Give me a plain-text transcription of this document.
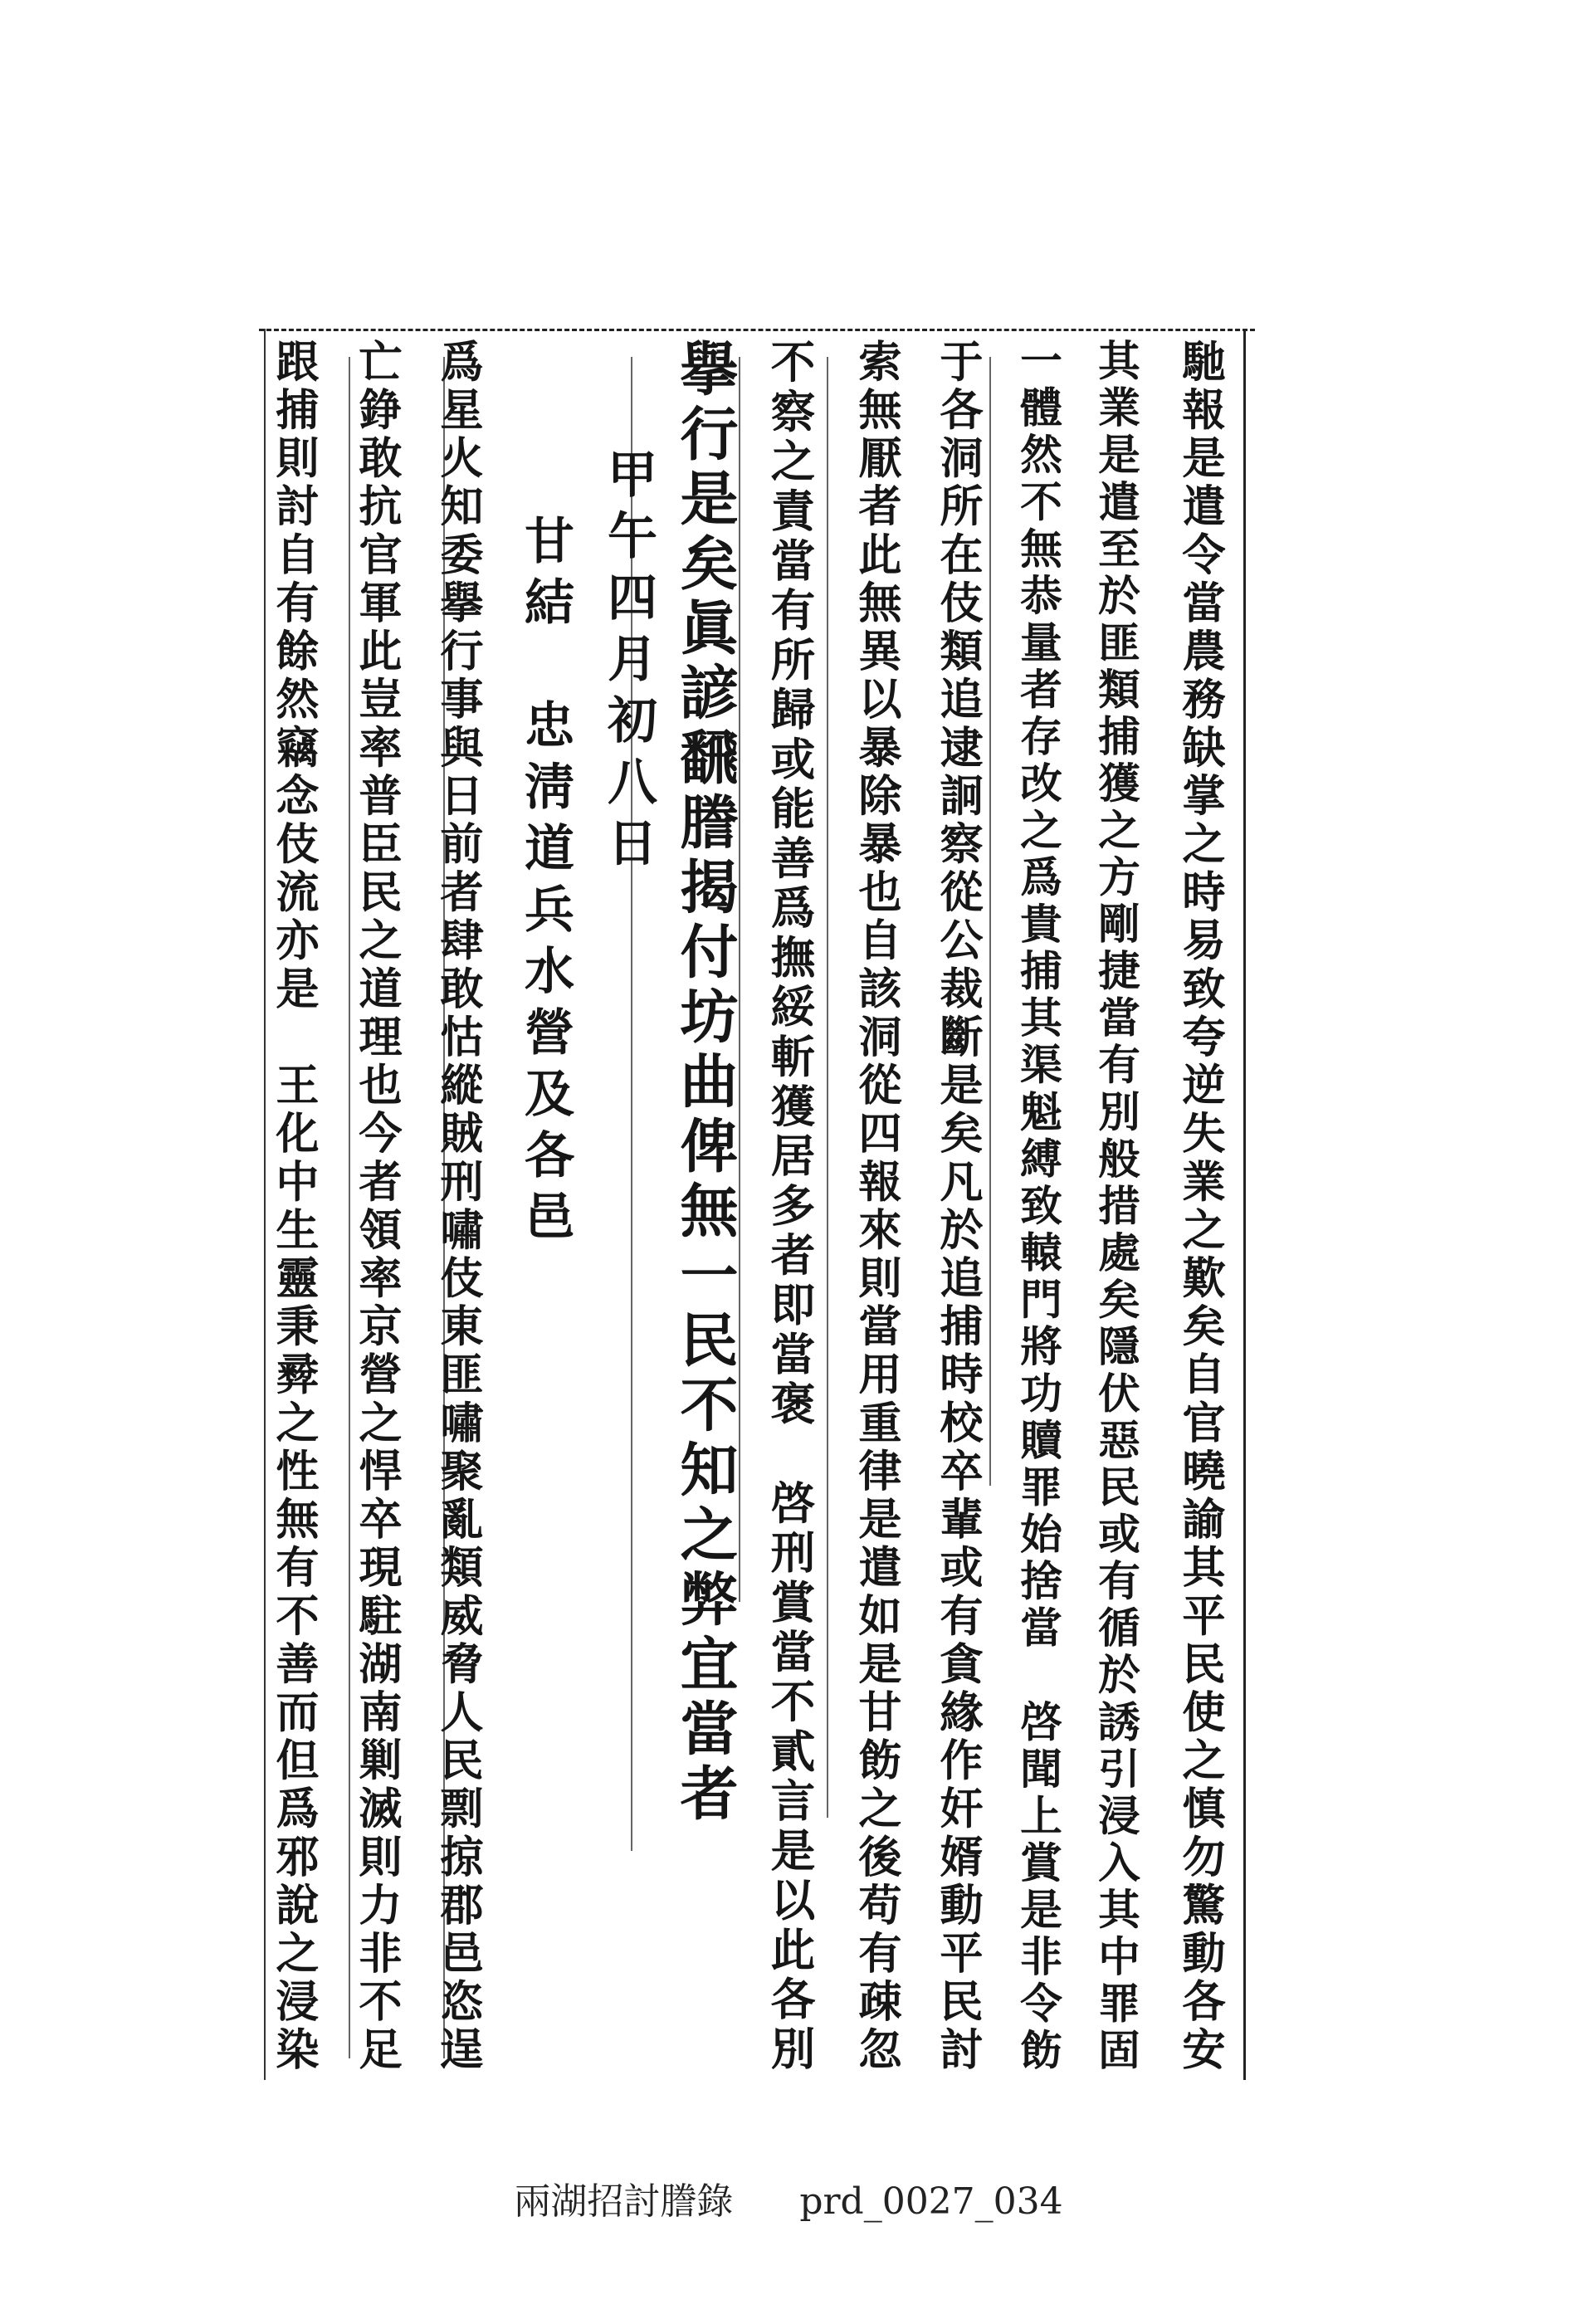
馳報是遣令當農務缺掌之時易致夸逆失業之歎矣自官曉諭其平民使之慎勿驚動各安
其業是遣至於匪類捕獲之方剛捷當有別般措處矣隱伏惡民或有循於誘引浸入其中罪固
一體然不無恭量者存改之爲貴捕其渠魁縛致轅門將功贖罪始捨當　啓聞上賞是非令飭
于各洞所在伎類追逮詗察從公裁斷是矣凡於追捕時校卒輩或有貪緣作奸婿動平民討
索無厭者此無異以暴除暴也自該洞從四報來則當用重律是遣如是甘飭之後苟有疎忽
不察之責當有所歸或能善爲撫綏斬獲居多者即當褒　啓刑賞當不貳言是以此各別
擧行是矣眞諺飜謄揭付坊曲俾無一民不知之弊宜當者
甲午四月初八日
甘結　忠淸道兵水營及各邑
爲星火知委擧行事與日前者肆敢怙縱賊刑嘯伎東匪嘯聚亂類威脅人民剽掠郡邑恣逞
亡錚敢抗官軍此豈率普臣民之道理也今者領率京營之悍卒現駐湖南剿滅則力非不足
跟捕則討自有餘然竊念伎流亦是　王化中生靈秉彛之性無有不善而但爲邪說之浸染
兩湖招討謄錄 prd_0027_034
